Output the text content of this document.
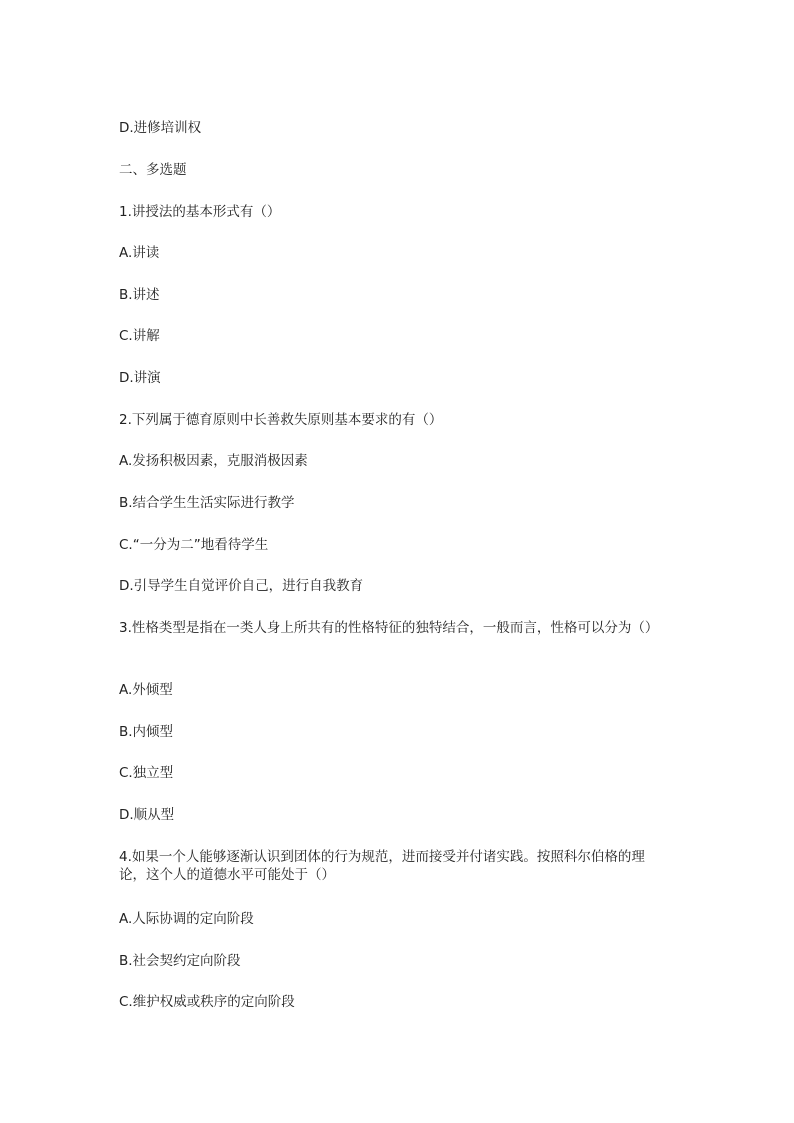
D.进修培训权
二、多选题
1.讲授法的基本形式有（）
A.讲读
B.讲述
C.讲解
D.讲演
2.下列属于德育原则中长善救失原则基本要求的有（）
A.发扬积极因素，克服消极因素
B.结合学生生活实际进行教学
C.“一分为二”地看待学生
D.引导学生自觉评价自己，进行自我教育
3.性格类型是指在一类人身上所共有的性格特征的独特结合，一般而言，性格可以分为（）
A.外倾型
B.内倾型
C.独立型
D.顺从型
4.如果一个人能够逐渐认识到团体的行为规范，进而接受并付诸实践。按照科尔伯格的理论，这个人的道德水平可能处于（）
A.人际协调的定向阶段
B.社会契约定向阶段
C.维护权威或秩序的定向阶段
